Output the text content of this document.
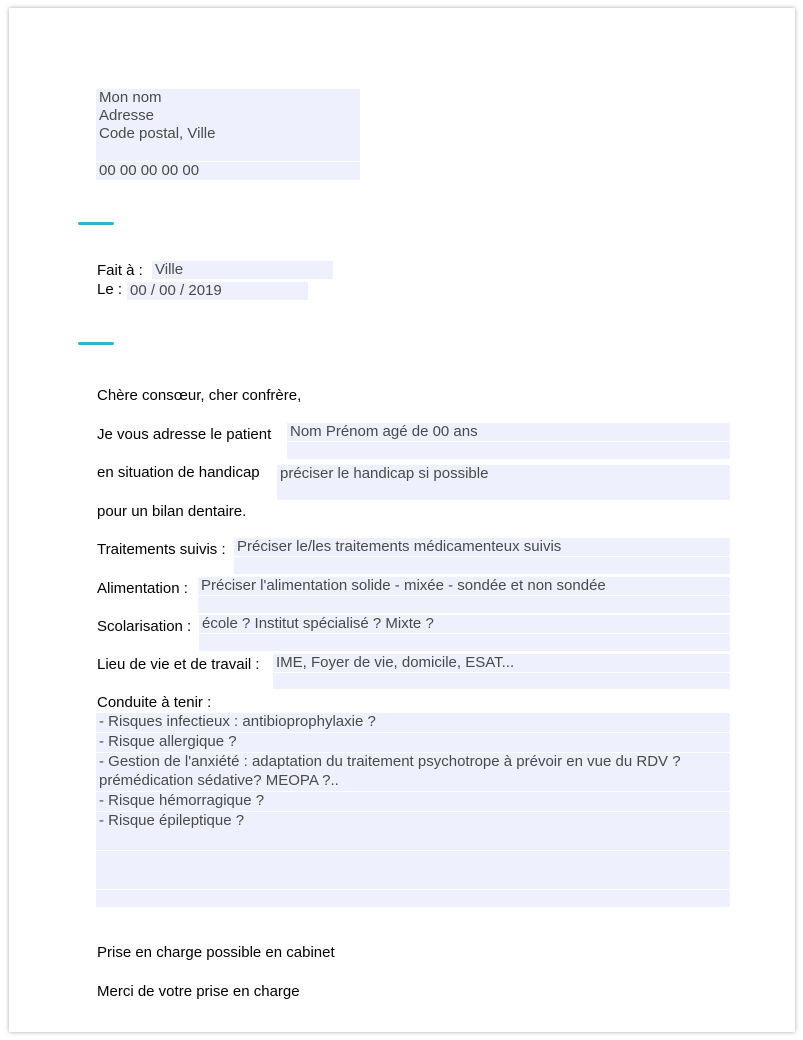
Mon nom
Adresse
Code postal, Ville
00 00 00 00 00
Fait à : Ville
Le : 00 / 00 / 2019
Chère consœur, cher confrère,
Je vous adresse le patient Nom Prénom agé de 00 ans
en situation de handicap préciser le handicap si possible
pour un bilan dentaire.
Traitements suivis : Préciser le/les traitements médicamenteux suivis
Alimentation : Préciser l'alimentation solide - mixée - sondée et non sondée
Scolarisation : école ? Institut spécialisé ? Mixte ?
Lieu de vie et de travail : IME, Foyer de vie, domicile, ESAT...
Conduite à tenir :
- Risques infectieux : antibioprophylaxie ?
- Risque allergique ?
- Gestion de l'anxiété : adaptation du traitement psychotrope à prévoir en vue du RDV ?
prémédication sédative? MEOPA ?..
- Risque hémorragique ?
- Risque épileptique ?
Prise en charge possible en cabinet
Merci de votre prise en charge
